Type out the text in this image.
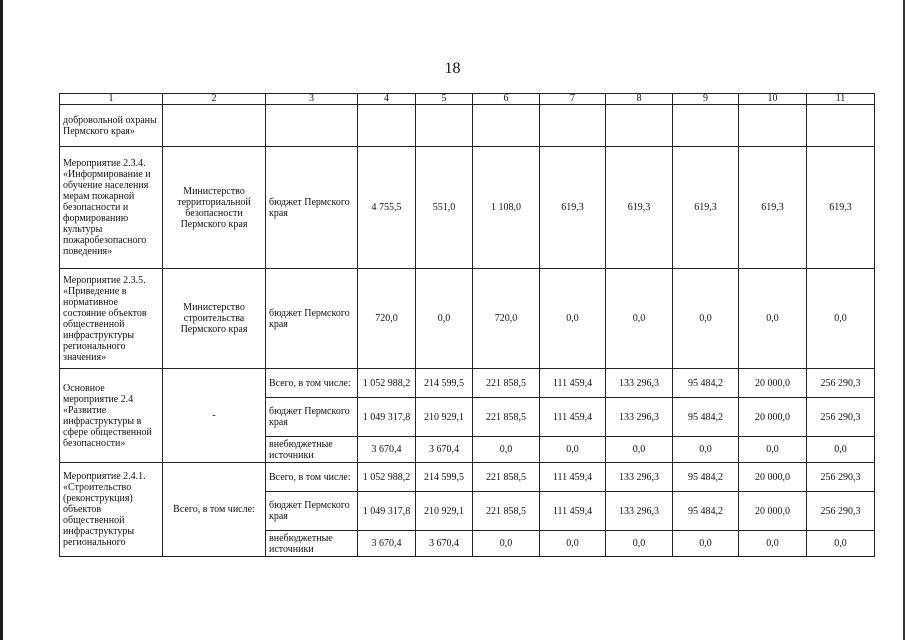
18
1	2	3	4	5	6	7	8	9	10	11
добровольной охраны Пермского края»										
Мероприятие 2.3.4. «Информирование и обучение населения мерам пожарной безопасности и формированию культуры пожаробезопасного поведения»	Министерство территориальной безопасности Пермского края	бюджет Пермского края	4 755,5	551,0	1 108,0	619,3	619,3	619,3	619,3	619,3
Мероприятие 2.3.5. «Приведение в нормативное состояние объектов общественной инфраструктуры регионального значения»	Министерство строительства Пермского края	бюджет Пермского края	720,0	0,0	720,0	0,0	0,0	0,0	0,0	0,0
Основное мероприятие 2.4 «Развитие инфраструктуры в сфере общественной безопасности»	-	Всего, в том числе:	1 052 988,2	214 599,5	221 858,5	111 459,4	133 296,3	95 484,2	20 000,0	256 290,3
		бюджет Пермского края	1 049 317,8	210 929,1	221 858,5	111 459,4	133 296,3	95 484,2	20 000,0	256 290,3
		внебюджетные источники	3 670,4	3 670,4	0,0	0,0	0,0	0,0	0,0	0,0
Мероприятие 2.4.1. «Строительство (реконструкция) объектов общественной инфраструктуры регионального	Всего, в том числе:	Всего, в том числе:	1 052 988,2	214 599,5	221 858,5	111 459,4	133 296,3	95 484,2	20 000,0	256 290,3
		бюджет Пермского края	1 049 317,8	210 929,1	221 858,5	111 459,4	133 296,3	95 484,2	20 000,0	256 290,3
		внебюджетные источники	3 670,4	3 670,4	0,0	0,0	0,0	0,0	0,0	0,0
